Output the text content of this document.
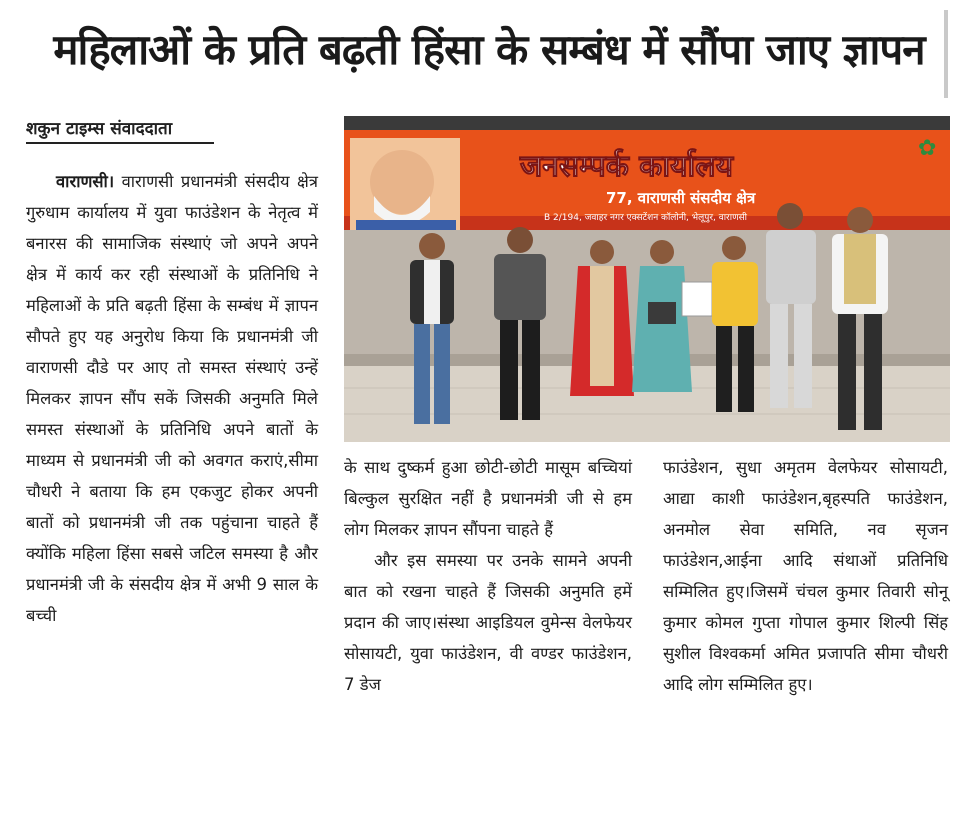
महिलाओं के प्रति बढ़ती हिंसा के सम्बंध में सौंपा जाए ज्ञापन
शकुन टाइम्स संवाददाता
जनसम्पर्क कार्यालय
77, वाराणसी संसदीय क्षेत्र
B 2/194, जवाहर नगर एक्सटेंशन कॉलोनी, भेलूपुर, वाराणसी
✿

वाराणसी। वाराणसी प्रधानमंत्री संसदीय क्षेत्र गुरुधाम कार्यालय में युवा फाउंडेशन के नेतृत्व में बनारस की सामाजिक संस्थाएं जो अपने अपने क्षेत्र में कार्य कर रही संस्थाओं के प्रतिनिधि ने महिलाओं के प्रति बढ़ती हिंसा के सम्बंध में ज्ञापन सौपते हुए यह अनुरोध किया कि प्रधानमंत्री जी वाराणसी दौडे पर आए तो समस्त संस्थाएं उन्हें मिलकर ज्ञापन सौंप सकें जिसकी अनुमति मिले समस्त संस्थाओं के प्रतिनिधि अपने बातों के माध्यम से प्रधानमंत्री जी को अवगत कराएं,सीमा चौधरी ने बताया कि हम एकजुट होकर अपनी बातों को प्रधानमंत्री जी तक पहुंचाना चाहते हैं क्योंकि महिला हिंसा सबसे जटिल समस्या है और प्रधानमंत्री जी के संसदीय क्षेत्र में अभी 9 साल के बच्ची

के साथ दुष्कर्म हुआ छोटी-छोटी मासूम बच्चियां बिल्कुल सुरक्षित नहीं है प्रधानमंत्री जी से हम लोग मिलकर ज्ञापन सौंपना चाहते हैं

और इस समस्या पर उनके सामने अपनी बात को रखना चाहते हैं जिसकी अनुमति हमें प्रदान की जाए।संस्था आइडियल वुमेन्स वेलफेयर सोसायटी, युवा फाउंडेशन, वी वण्डर फाउंडेशन, 7 डेज

फाउंडेशन, सुधा अमृतम वेलफेयर सोसायटी, आद्या काशी फाउंडेशन,बृहस्पति फाउंडेशन, अनमोल सेवा समिति, नव सृजन फाउंडेशन,आईना आदि संथाओं प्रतिनिधि सम्मिलित हुए।जिसमें चंचल कुमार तिवारी सोनू कुमार कोमल गुप्ता गोपाल कुमार शिल्पी सिंह सुशील विश्वकर्मा अमित प्रजापति सीमा चौधरी आदि लोग सम्मिलित हुए।
